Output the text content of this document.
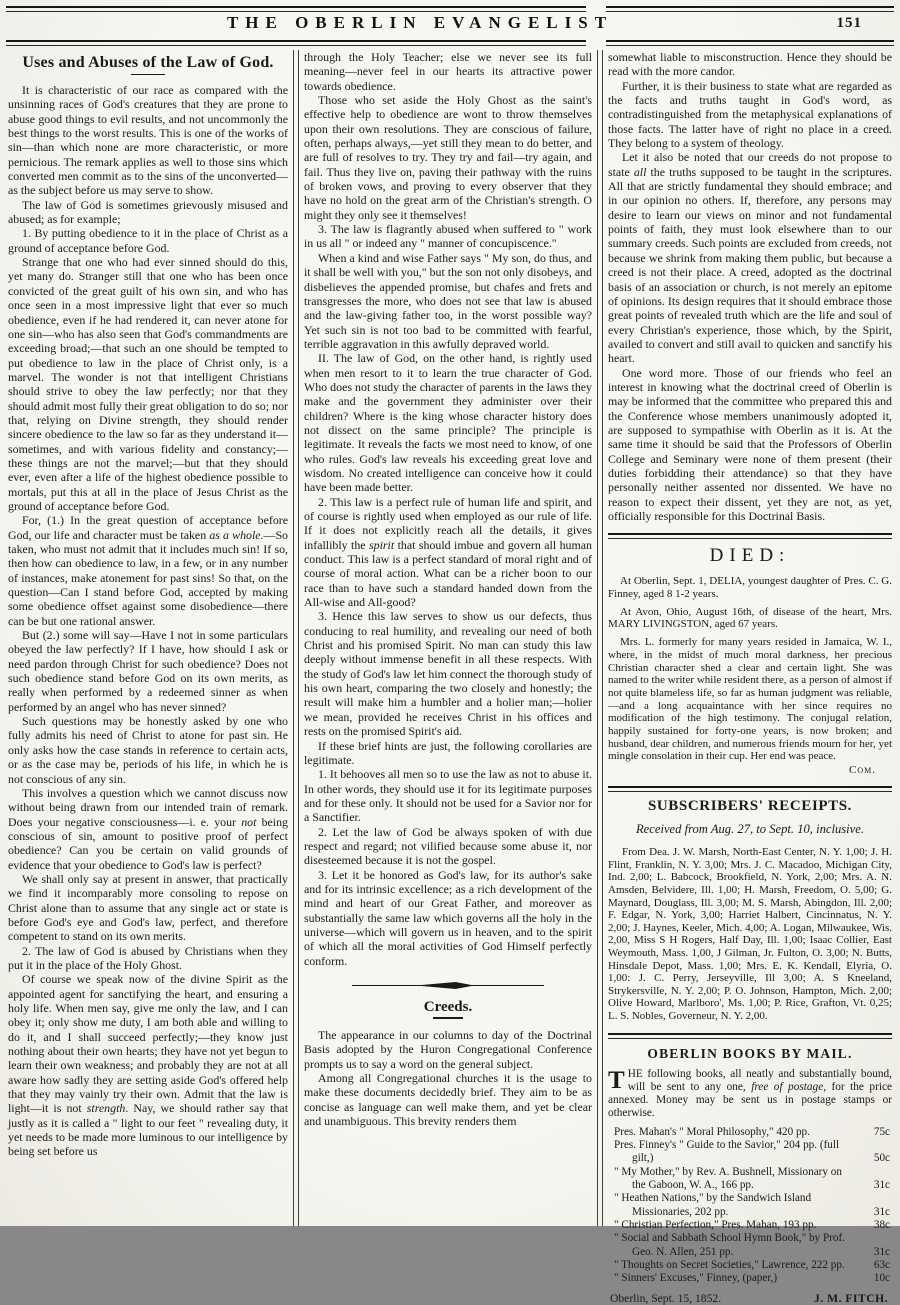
THE OBERLIN EVANGELIST	151
Uses and Abuses of the Law of God.

It is characteristic of our race as compared with the unsinning races of God's creatures that they are prone to abuse good things to evil results, and not uncommonly the best things to the worst results. This is one of the works of sin—than which none are more characteristic, or more pernicious. The remark applies as well to those sins which converted men commit as to the sins of the unconverted—as the subject before us may serve to show.

The law of God is sometimes grievously misused and abused; as for example;

1. By putting obedience to it in the place of Christ as a ground of acceptance before God.

Strange that one who had ever sinned should do this, yet many do. Stranger still that one who has been once convicted of the great guilt of his own sin, and who has once seen in a most impressive light that ever so much obedience, even if he had rendered it, can never atone for one sin—who has also seen that God's commandments are exceeding broad;—that such an one should be tempted to put obedience to law in the place of Christ only, is a marvel. The wonder is not that intelligent Christians should strive to obey the law perfectly; nor that they should admit most fully their great obligation to do so; nor that, relying on Divine strength, they should render sincere obedience to the law so far as they understand it—sometimes, and with various fidelity and constancy;—these things are not the marvel;—but that they should ever, even after a life of the highest obedience possible to mortals, put this at all in the place of Jesus Christ as the ground of acceptance before God.

For, (1.) In the great question of acceptance before God, our life and character must be taken as a whole.—So taken, who must not admit that it includes much sin! If so, then how can obedience to law, in a few, or in any number of instances, make atonement for past sins! So that, on the question—Can I stand before God, accepted by making some obedience offset against some disobedience—there can be but one rational answer.

But (2.) some will say—Have I not in some particulars obeyed the law perfectly? If I have, how should I ask or need pardon through Christ for such obedience? Does not such obedience stand before God on its own merits, as really when performed by a redeemed sinner as when performed by an angel who has never sinned?

Such questions may be honestly asked by one who fully admits his need of Christ to atone for past sin. He only asks how the case stands in reference to certain acts, or as the case may be, periods of his life, in which he is not conscious of any sin.

This involves a question which we cannot discuss now without being drawn from our intended train of remark. Does your negative consciousness—i. e. your not being conscious of sin, amount to positive proof of perfect obedience? Can you be certain on valid grounds of evidence that your obedience to God's law is perfect?

We shall only say at present in answer, that practically we find it incomparably more consoling to repose on Christ alone than to assume that any single act or state is before God's eye and God's law, perfect, and therefore competent to stand on its own merits.

2. The law of God is abused by Christians when they put it in the place of the Holy Ghost.

Of course we speak now of the divine Spirit as the appointed agent for sanctifying the heart, and ensuring a holy life. When men say, give me only the law, and I can obey it; only show me duty, I am both able and willing to do it, and I shall succeed perfectly;—they know just nothing about their own hearts; they have not yet begun to learn their own weakness; and probably they are not at all aware how sadly they are setting aside God's offered help that they may vainly try their own. Admit that the law is light—it is not strength. Nay, we should rather say that justly as it is called a " light to our feet " revealing duty, it yet needs to be made more luminous to our intelligence by being set before us

through the Holy Teacher; else we never see its full meaning—never feel in our hearts its attractive power towards obedience.

Those who set aside the Holy Ghost as the saint's effective help to obedience are wont to throw themselves upon their own resolutions. They are conscious of failure, often, perhaps always,—yet still they mean to do better, and are full of resolves to try. They try and fail—try again, and fail. Thus they live on, paving their pathway with the ruins of broken vows, and proving to every observer that they have no hold on the great arm of the Christian's strength. O might they only see it themselves!

3. The law is flagrantly abused when suffered to " work in us all " or indeed any " manner of concupiscence."

When a kind and wise Father says " My son, do thus, and it shall be well with you," but the son not only disobeys, and disbelieves the appended promise, but chafes and frets and transgresses the more, who does not see that law is abused and the law-giving father too, in the worst possible way? Yet such sin is not too bad to be committed with fearful, terrible aggravation in this awfully depraved world.

II. The law of God, on the other hand, is rightly used when men resort to it to learn the true character of God. Who does not study the character of parents in the laws they make and the government they administer over their children? Where is the king whose character history does not dissect on the same principle? The principle is legitimate. It reveals the facts we most need to know, of one who rules. God's law reveals his exceeding great love and wisdom. No created intelligence can conceive how it could have been made better.

2. This law is a perfect rule of human life and spirit, and of course is rightly used when employed as our rule of life. If it does not explicitly reach all the details, it gives infallibly the spirit that should imbue and govern all human conduct. This law is a perfect standard of moral right and of course of moral action. What can be a richer boon to our race than to have such a standard handed down from the All-wise and All-good?

3. Hence this law serves to show us our defects, thus conducing to real humility, and revealing our need of both Christ and his promised Spirit. No man can study this law deeply without immense benefit in all these respects. With the study of God's law let him connect the thorough study of his own heart, comparing the two closely and honestly; the result will make him a humbler and a holier man;—holier we mean, provided he receives Christ in his offices and rests on the promised Spirit's aid.

If these brief hints are just, the following corollaries are legitimate.

1. It behooves all men so to use the law as not to abuse it. In other words, they should use it for its legitimate purposes and for these only. It should not be used for a Savior nor for a Sanctifier.

2. Let the law of God be always spoken of with due respect and regard; not vilified because some abuse it, nor disesteemed because it is not the gospel.

3. Let it be honored as God's law, for its author's sake and for its intrinsic excellence; as a rich development of the mind and heart of our Great Father, and moreover as substantially the same law which governs all the holy in the universe—which will govern us in heaven, and to the spirit of which all the moral activities of God Himself perfectly conform.

Creeds.

The appearance in our columns to day of the Doctrinal Basis adopted by the Huron Congregational Conference prompts us to say a word on the general subject.

Among all Congregational churches it is the usage to make these documents decidedly brief. They aim to be as concise as language can well make them, and yet be clear and unambiguous. This brevity renders them

somewhat liable to misconstruction. Hence they should be read with the more candor.

Further, it is their business to state what are regarded as the facts and truths taught in God's word, as contradistinguished from the metaphysical explanations of those facts. The latter have of right no place in a creed. They belong to a system of theology.

Let it also be noted that our creeds do not propose to state all the truths supposed to be taught in the scriptures. All that are strictly fundamental they should embrace; and in our opinion no others. If, therefore, any persons may desire to learn our views on minor and not fundamental points of faith, they must look elsewhere than to our summary creeds. Such points are excluded from creeds, not because we shrink from making them public, but because a creed is not their place. A creed, adopted as the doctrinal basis of an association or church, is not merely an epitome of opinions. Its design requires that it should embrace those great points of revealed truth which are the life and soul of every Christian's experience, those which, by the Spirit, availed to convert and still avail to quicken and sanctify his heart.

One word more. Those of our friends who feel an interest in knowing what the doctrinal creed of Oberlin is may be informed that the committee who prepared this and the Conference whose members unanimously adopted it, are supposed to sympathise with Oberlin as it is. At the same time it should be said that the Professors of Oberlin College and Seminary were none of them present (their duties forbidding their attendance) so that they have personally neither assented nor dissented. We have no reason to expect their dissent, yet they are not, as yet, officially responsible for this Doctrinal Basis.

DIED:

At Oberlin, Sept. 1, DELIA, youngest daughter of Pres. C. G. Finney, aged 8 1-2 years.

At Avon, Ohio, August 16th, of disease of the heart, Mrs. MARY LIVINGSTON, aged 67 years.

Mrs. L. formerly for many years resided in Jamaica, W. I., where, in the midst of much moral darkness, her precious Christian character shed a clear and certain light. She was named to the writer while resident there, as a person of almost if not quite blameless life, so far as human judgment was reliable,—and a long acquaintance with her since requires no modification of the high testimony. The conjugal relation, happily sustained for forty-one years, is now broken; and husband, dear children, and numerous friends mourn for her, yet mingle consolation in their cup. Her end was peace.

Com.
SUBSCRIBERS' RECEIPTS.
Received from Aug. 27, to Sept. 10, inclusive.

From Dea. J. W. Marsh, North-East Center, N. Y. 1,00; J. H. Flint, Franklin, N. Y. 3,00; Mrs. J. C. Macadoo, Michigan City, Ind. 2,00; L. Babcock, Brookfield, N. York, 2,00; Mrs. A. N. Amsden, Belvidere, Ill. 1,00; H. Marsh, Freedom, O. 5,00; G. Maynard, Douglass, Ill. 3,00; M. S. Marsh, Abingdon, Ill. 2,00; F. Edgar, N. York, 3,00; Harriet Halbert, Cincinnatus, N. Y. 2,00; J. Haynes, Keeler, Mich. 4,00; A. Logan, Milwaukee, Wis. 2,00, Miss S H Rogers, Half Day, Ill. 1,00; Isaac Collier, East Weymouth, Mass. 1,00, J Gilman, Jr. Fulton, O. 3,00; N. Butts, Hinsdale Depot, Mass. 1,00; Mrs. E. K. Kendall, Elyria, O. 1,00: J. C. Perry, Jerseyville, Ill 3,00; A. S Kneeland, Strykersville, N. Y. 2,00; P. O. Johnson, Hampton, Mich. 2,00; Olive Howard, Marlboro', Ms. 1,00; P. Rice, Grafton, Vt. 0,25; L. S. Nobles, Governeur, N. Y. 2,00.

OBERLIN BOOKS BY MAIL.

THE following books, all neatly and substantially bound, will be sent to any one, free of postage, for the price annexed. Money may be sent us in postage stamps or otherwise.

Pres. Mahan's " Moral Philosophy," 420 pp.	75c
Pres. Finney's " Guide to the Savior," 204 pp. (full gilt,)	50c
" My Mother," by Rev. A. Bushnell, Missionary on the Gaboon, W. A., 166 pp.	31c
" Heathen Nations," by the Sandwich Island Missionaries, 202 pp.	31c
" Christian Perfection," Pres. Mahan, 193 pp.	38c
" Social and Sabbath School Hymn Book," by Prof. Geo. N. Allen, 251 pp.	31c
" Thoughts on Secret Societies," Lawrence, 222 pp.	63c
" Sinners' Excuses," Finney, (paper,)	10c
Oberlin, Sept. 15, 1852.	J. M. FITCH.
